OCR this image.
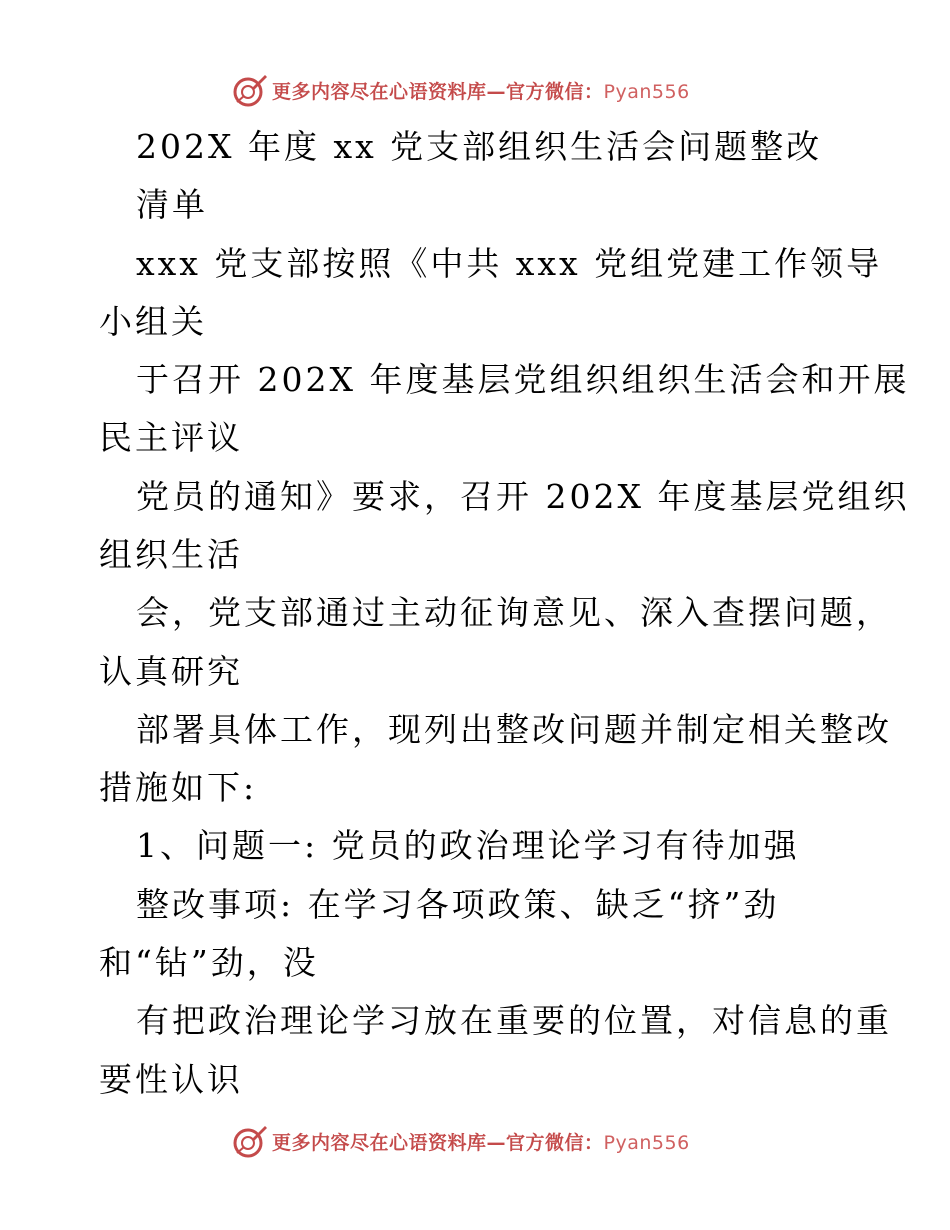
更多内容尽在心语资料库—官方微信：Pyan556
202X 年度 xx 党支部组织生活会问题整改
清单
xxx 党支部按照《中共 xxx 党组党建工作领导
小组关
于召开 202X 年度基层党组织组织生活会和开展
民主评议
党员的通知》要求，召开 202X 年度基层党组织
组织生活
会，党支部通过主动征询意见、深入查摆问题，
认真研究
部署具体工作，现列出整改问题并制定相关整改
措施如下:
1、问题一: 党员的政治理论学习有待加强
整改事项: 在学习各项政策、缺乏“挤”劲
和“钻”劲，没
有把政治理论学习放在重要的位置，对信息的重
要性认识
更多内容尽在心语资料库—官方微信：Pyan556
